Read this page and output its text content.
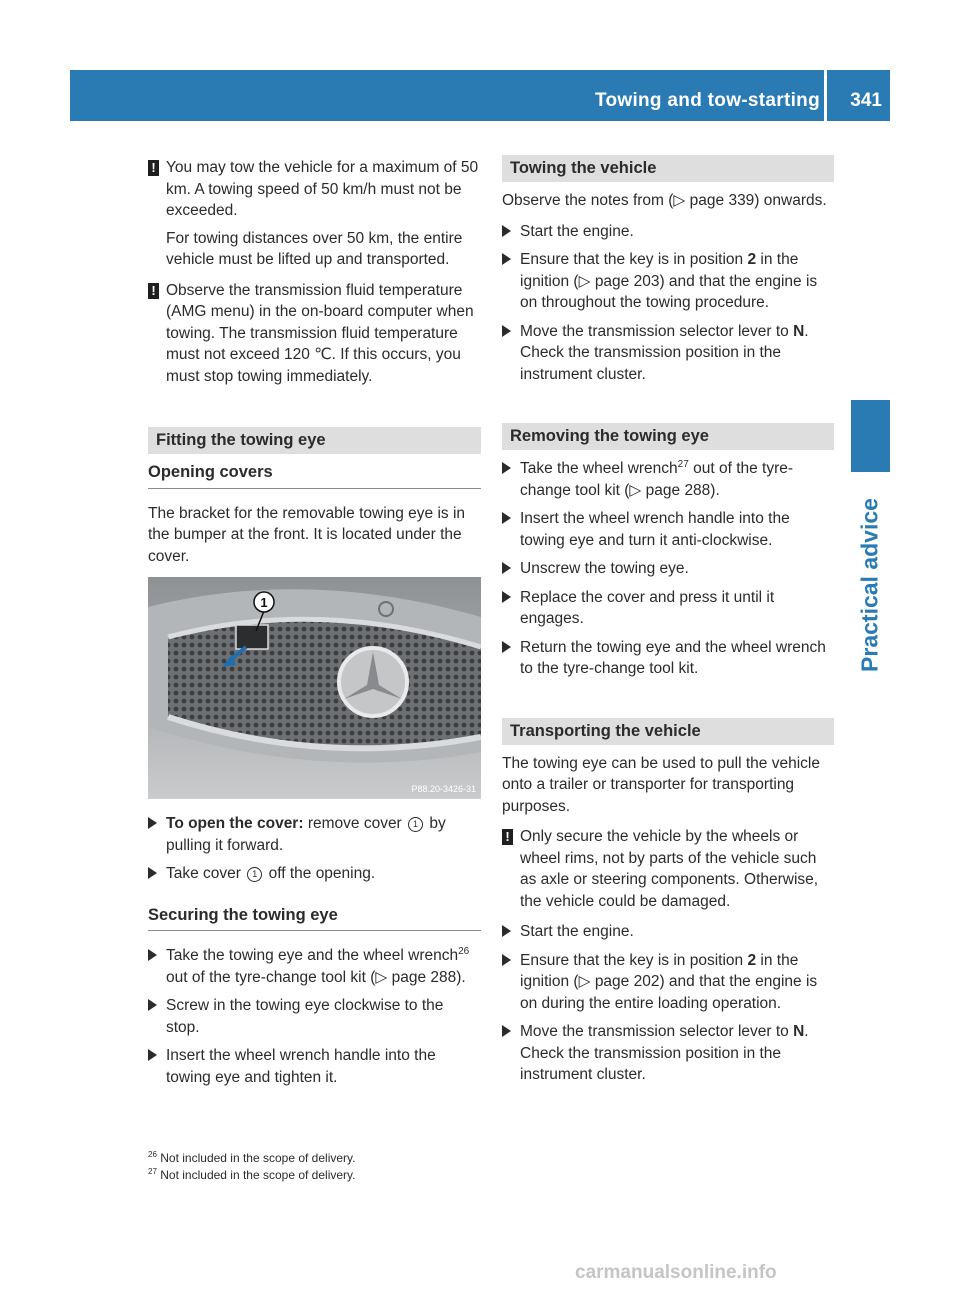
Towing and tow-starting 341
Practical advice
! You may tow the vehicle for a maximum of 50 km. A towing speed of 50 km/h must not be exceeded.

For towing distances over 50 km, the entire vehicle must be lifted up and transported.

! Observe the transmission fluid temperature (AMG menu) in the on-board computer when towing. The transmission fluid temperature must not exceed 120 ℃. If this occurs, you must stop towing immediately.

Fitting the towing eye
Opening covers

The bracket for the removable towing eye is in the bumper at the front. It is located under the cover.

1
P88.20-3426-31
To open the cover: remove cover 1 by pulling it forward.
Take cover 1 off the opening.
Securing the towing eye
Take the towing eye and the wheel wrench$^{26}$ out of the tyre-change tool kit (▷ page 288).
Screw in the towing eye clockwise to the stop.
Insert the wheel wrench handle into the towing eye and tighten it.
Towing the vehicle

Observe the notes from (▷ page 339) onwards.

Start the engine.
Ensure that the key is in position 2 in the ignition (▷ page 203) and that the engine is on throughout the towing procedure.
Move the transmission selector lever to N. Check the transmission position in the instrument cluster.
Removing the towing eye
Take the wheel wrench$^{27}$ out of the tyre-change tool kit (▷ page 288).
Insert the wheel wrench handle into the towing eye and turn it anti-clockwise.
Unscrew the towing eye.
Replace the cover and press it until it engages.
Return the towing eye and the wheel wrench to the tyre-change tool kit.
Transporting the vehicle

The towing eye can be used to pull the vehicle onto a trailer or transporter for transporting purposes.

! Only secure the vehicle by the wheels or wheel rims, not by parts of the vehicle such as axle or steering components. Otherwise, the vehicle could be damaged.

Start the engine.
Ensure that the key is in position 2 in the ignition (▷ page 202) and that the engine is on during the entire loading operation.
Move the transmission selector lever to N. Check the transmission position in the instrument cluster.
$^{26}$ Not included in the scope of delivery.
$^{27}$ Not included in the scope of delivery.
carmanualsonline.info
